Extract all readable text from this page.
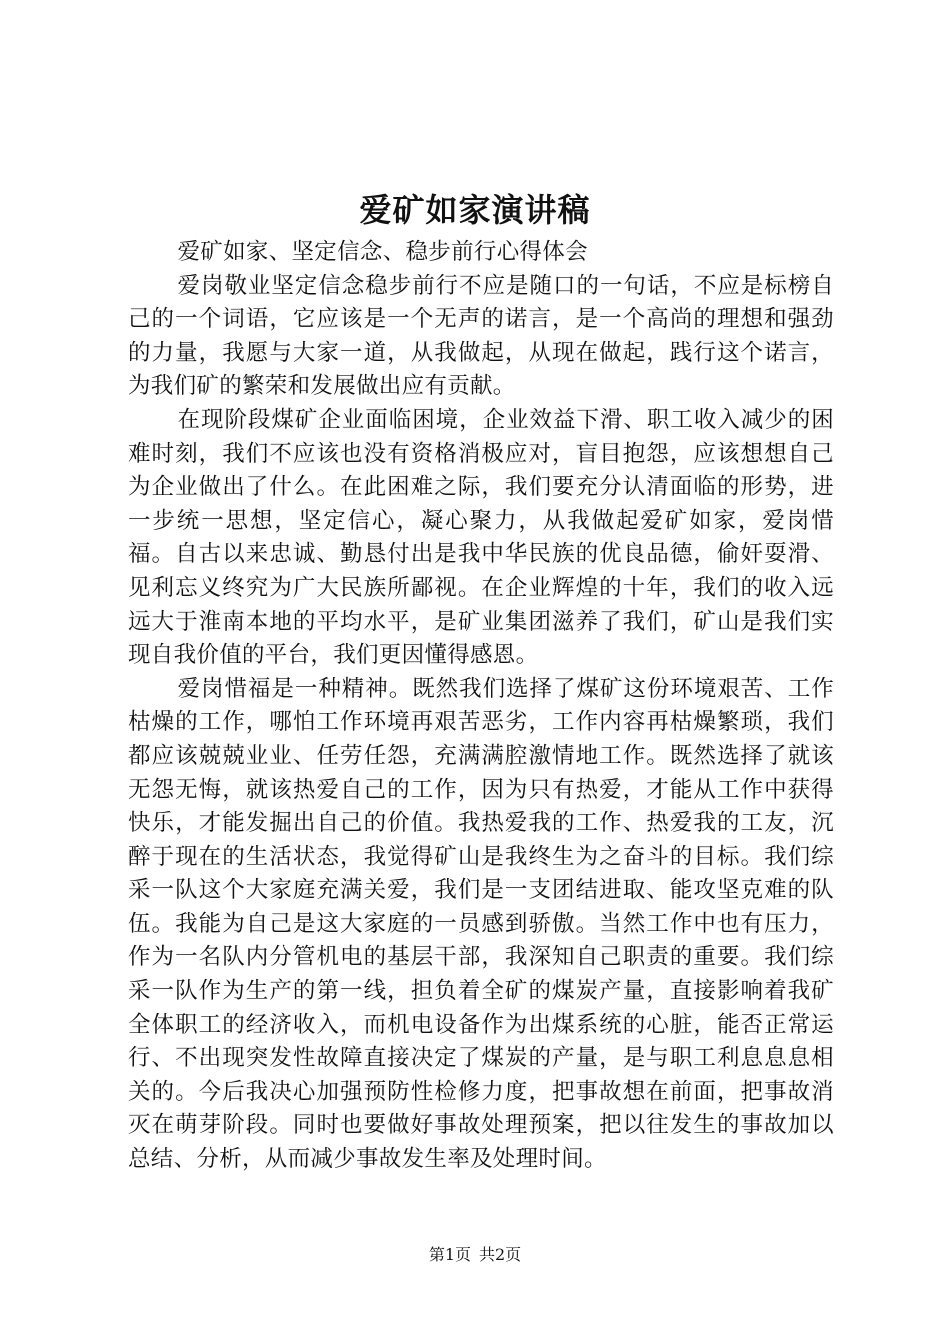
爱矿如家演讲稿

爱矿如家、坚定信念、稳步前行心得体会

爱岗敬业坚定信念稳步前行不应是随口的一句话，不应是标榜自己的一个词语，它应该是一个无声的诺言，是一个高尚的理想和强劲的力量，我愿与大家一道，从我做起，从现在做起，践行这个诺言，为我们矿的繁荣和发展做出应有贡献。

在现阶段煤矿企业面临困境，企业效益下滑、职工收入减少的困难时刻，我们不应该也没有资格消极应对，盲目抱怨，应该想想自己为企业做出了什么。在此困难之际，我们要充分认清面临的形势，进一步统一思想，坚定信心，凝心聚力，从我做起爱矿如家，爱岗惜福。自古以来忠诚、勤恳付出是我中华民族的优良品德，偷奸耍滑、见利忘义终究为广大民族所鄙视。在企业辉煌的十年，我们的收入远远大于淮南本地的平均水平，是矿业集团滋养了我们，矿山是我们实现自我价值的平台，我们更因懂得感恩。

爱岗惜福是一种精神。既然我们选择了煤矿这份环境艰苦、工作枯燥的工作，哪怕工作环境再艰苦恶劣，工作内容再枯燥繁琐，我们都应该兢兢业业、任劳任怨，充满满腔激情地工作。既然选择了就该无怨无悔，就该热爱自己的工作，因为只有热爱，才能从工作中获得快乐，才能发掘出自己的价值。我热爱我的工作、热爱我的工友，沉醉于现在的生活状态，我觉得矿山是我终生为之奋斗的目标。我们综采一队这个大家庭充满关爱，我们是一支团结进取、能攻坚克难的队伍。我能为自己是这大家庭的一员感到骄傲。当然工作中也有压力，作为一名队内分管机电的基层干部，我深知自己职责的重要。我们综采一队作为生产的第一线，担负着全矿的煤炭产量，直接影响着我矿全体职工的经济收入，而机电设备作为出煤系统的心脏，能否正常运行、不出现突发性故障直接决定了煤炭的产量，是与职工利息息息相关的。今后我决心加强预防性检修力度，把事故想在前面，把事故消灭在萌芽阶段。同时也要做好事故处理预案，把以往发生的事故加以总结、分析，从而减少事故发生率及处理时间。

第1页 共2页
